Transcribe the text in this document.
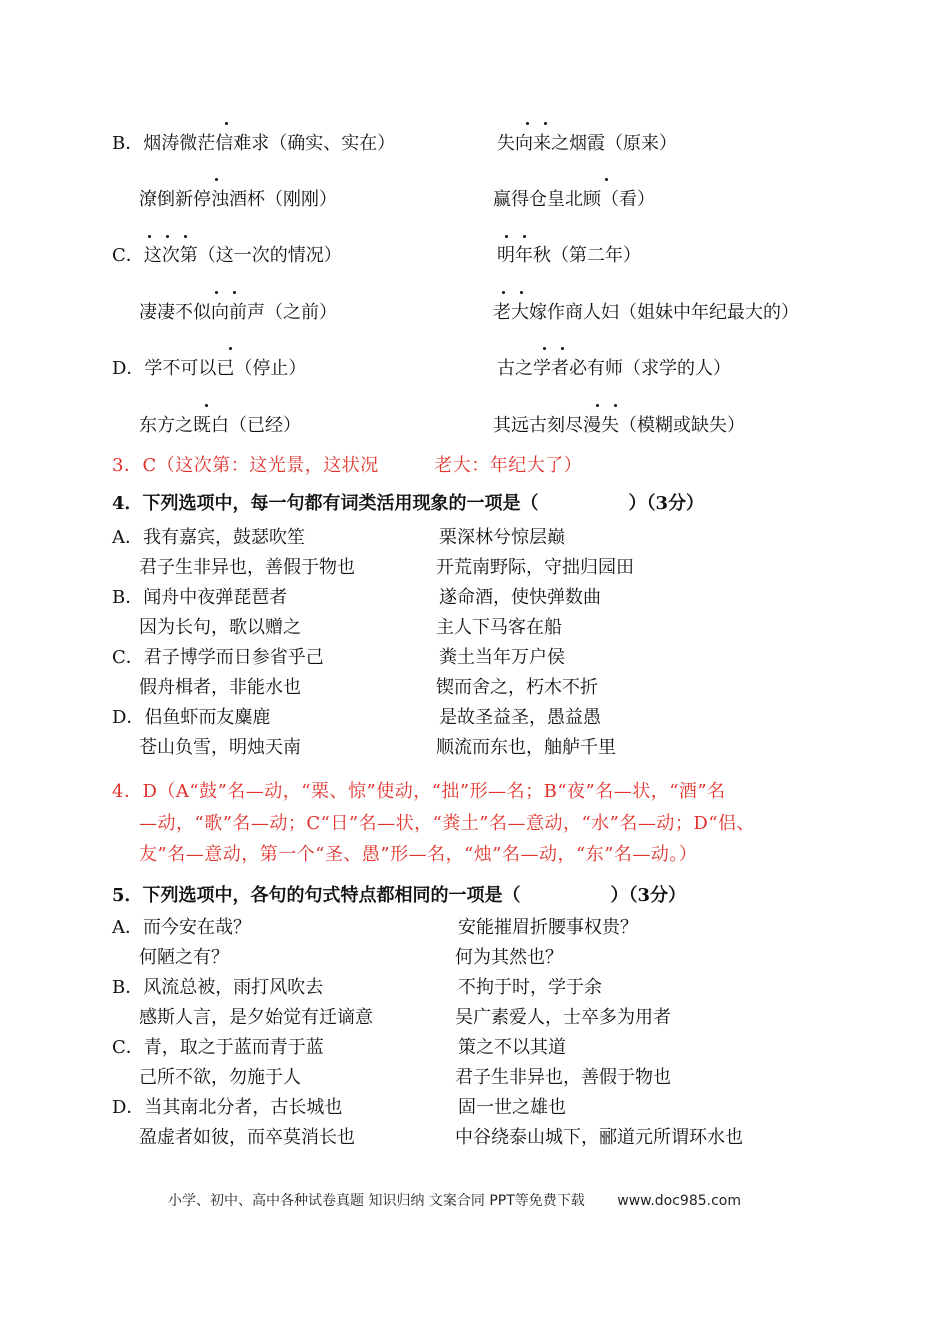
B．烟涛微茫信难求（确实、实在）	失向来之烟霞（原来）
潦倒新停浊酒杯（刚刚）	赢得仓皇北顾（看）
C．这次第（这一次的情况）	明年秋（第二年）
凄凄不似向前声（之前）	老大嫁作商人妇（姐妹中年纪最大的）
D．学不可以已（停止）	古之学者必有师（求学的人）
东方之既白（已经）	其远古刻尽漫失（模糊或缺失）
3．C（这次第：这光景，这状况　　　老大：年纪大了）
4．下列选项中，每一句都有词类活用现象的一项是（　　　　　）（3分）
A．我有嘉宾，鼓瑟吹笙	栗深林兮惊层巅
君子生非异也，善假于物也	开荒南野际，守拙归园田
B．闻舟中夜弹琵琶者	遂命酒，使快弹数曲
因为长句，歌以赠之	主人下马客在船
C．君子博学而日参省乎己	粪土当年万户侯
假舟楫者，非能水也	锲而舍之，朽木不折
D．侣鱼虾而友麋鹿	是故圣益圣，愚益愚
苍山负雪，明烛天南	顺流而东也，舳舻千里
4．D（A“鼓”名—动，“栗、惊”使动，“拙”形—名；B“夜”名—状，“酒”名
—动，“歌”名—动；C“日”名—状，“粪土”名—意动，“水”名—动；D“侣、
友”名—意动，第一个“圣、愚”形—名，“烛”名—动，“东”名—动。）
5．下列选项中，各句的句式特点都相同的一项是（　　　　　）（3分）
A．而今安在哉？	安能摧眉折腰事权贵？
何陋之有？	何为其然也？
B．风流总被，雨打风吹去	不拘于时，学于余
感斯人言，是夕始觉有迁谪意	吴广素爱人，士卒多为用者
C．青，取之于蓝而青于蓝	策之不以其道
己所不欲，勿施于人	君子生非异也，善假于物也
D．当其南北分者，古长城也	固一世之雄也
盈虚者如彼，而卒莫消长也	中谷绕泰山城下，郦道元所谓环水也
小学、初中、高中各种试卷真题 知识归纳 文案合同 PPT等免费下载 www.doc985.com
